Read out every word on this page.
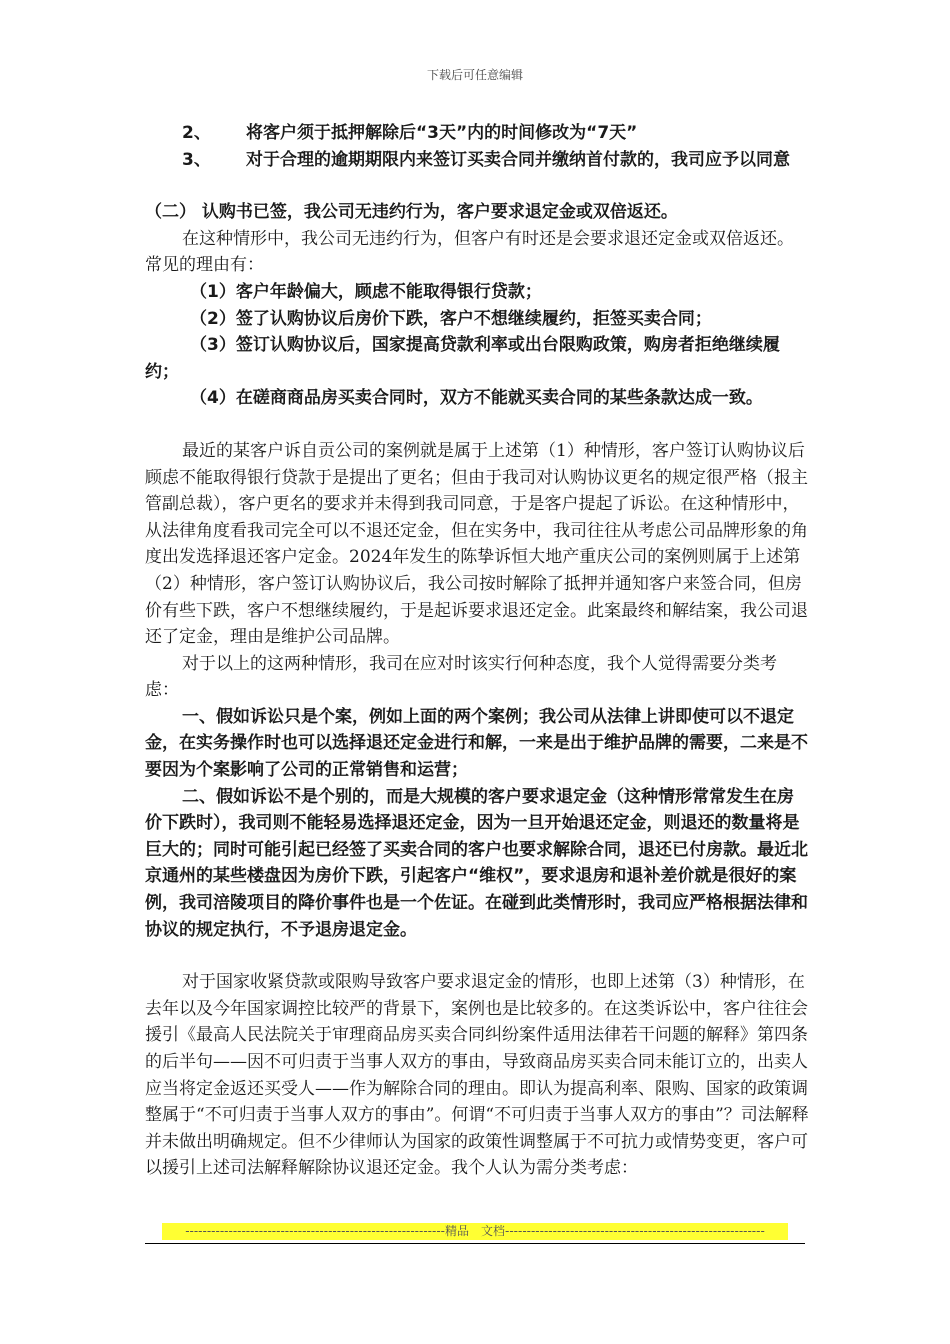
下载后可任意编辑

2、 将客户须于抵押解除后“3天”内的时间修改为“7天”

3、 对于合理的逾期期限内来签订买卖合同并缴纳首付款的，我司应予以同意

（二） 认购书已签，我公司无违约行为，客户要求退定金或双倍返还。

在这种情形中，我公司无违约行为，但客户有时还是会要求退还定金或双倍返还。常见的理由有：

（1）客户年龄偏大，顾虑不能取得银行贷款；

（2）签了认购协议后房价下跌，客户不想继续履约，拒签买卖合同；

（3）签订认购协议后，国家提高贷款利率或出台限购政策，购房者拒绝继续履约；

（4）在磋商商品房买卖合同时，双方不能就买卖合同的某些条款达成一致。

最近的某客户诉自贡公司的案例就是属于上述第（1）种情形，客户签订认购协议后顾虑不能取得银行贷款于是提出了更名；但由于我司对认购协议更名的规定很严格（报主管副总裁），客户更名的要求并未得到我司同意，于是客户提起了诉讼。在这种情形中，从法律角度看我司完全可以不退还定金，但在实务中，我司往往从考虑公司品牌形象的角度出发选择退还客户定金。2024年发生的陈挚诉恒大地产重庆公司的案例则属于上述第（2）种情形，客户签订认购协议后，我公司按时解除了抵押并通知客户来签合同，但房价有些下跌，客户不想继续履约，于是起诉要求退还定金。此案最终和解结案，我公司退还了定金，理由是维护公司品牌。

对于以上的这两种情形，我司在应对时该实行何种态度，我个人觉得需要分类考虑：

一、假如诉讼只是个案，例如上面的两个案例；我公司从法律上讲即使可以不退定金，在实务操作时也可以选择退还定金进行和解，一来是出于维护品牌的需要，二来是不要因为个案影响了公司的正常销售和运营；

二、假如诉讼不是个别的，而是大规模的客户要求退定金（这种情形常常发生在房价下跌时），我司则不能轻易选择退还定金，因为一旦开始退还定金，则退还的数量将是巨大的；同时可能引起已经签了买卖合同的客户也要求解除合同，退还已付房款。最近北京通州的某些楼盘因为房价下跌，引起客户“维权”，要求退房和退补差价就是很好的案例，我司涪陵项目的降价事件也是一个佐证。在碰到此类情形时，我司应严格根据法律和协议的规定执行，不予退房退定金。

对于国家收紧贷款或限购导致客户要求退定金的情形，也即上述第（3）种情形，在去年以及今年国家调控比较严的背景下，案例也是比较多的。在这类诉讼中，客户往往会援引《最高人民法院关于审理商品房买卖合同纠纷案件适用法律若干问题的解释》第四条的后半句——因不可归责于当事人双方的事由，导致商品房买卖合同未能订立的，出卖人应当将定金返还买受人——作为解除合同的理由。即认为提高利率、限购、国家的政策调整属于“不可归责于当事人双方的事由”。何谓“不可归责于当事人双方的事由”？司法解释并未做出明确规定。但不少律师认为国家的政策性调整属于不可抗力或情势变更，客户可以援引上述司法解释解除协议退还定金。我个人认为需分类考虑：

------------------------------------------------------------精品　文档------------------------------------------------------------
